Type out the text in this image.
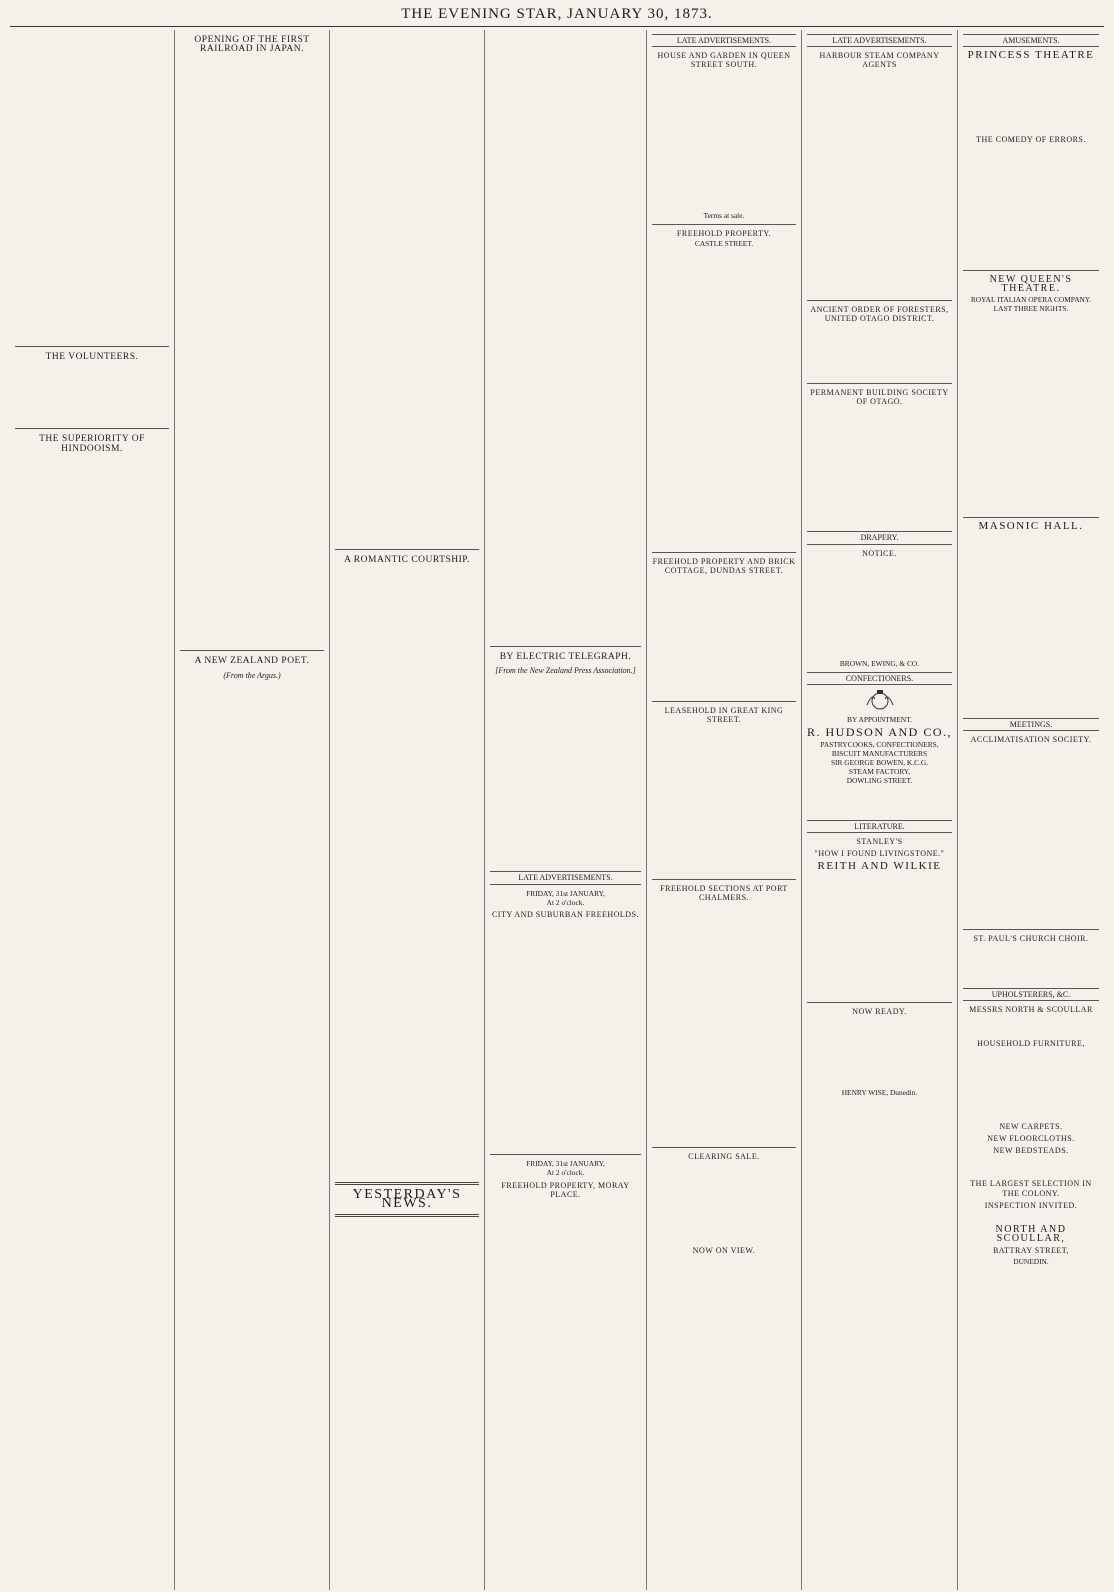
THE EVENING STAR, JANUARY 30, 1873.

THE VOLUNTEERS.
THE SUPERIORITY OF HINDOOISM.
OPENING OF THE FIRST RAILROAD IN JAPAN.
A NEW ZEALAND POET.
(From the Argus.)
A ROMANTIC COURTSHIP.
YESTERDAY'S NEWS.
BY ELECTRIC TELEGRAPH.
[From the New Zealand Press Association.]
LATE ADVERTISEMENTS.
FRIDAY, 31st JANUARY,
At 2 o'clock.
CITY AND SUBURBAN FREEHOLDS.
FRIDAY, 31st JANUARY,
At 2 o'clock.
FREEHOLD PROPERTY, MORAY PLACE.
LATE ADVERTISEMENTS.
HOUSE AND GARDEN IN QUEEN STREET SOUTH.
Terms at sale.
FREEHOLD PROPERTY.
CASTLE STREET.
FREEHOLD PROPERTY AND BRICK COTTAGE, DUNDAS STREET.
LEASEHOLD IN GREAT KING STREET.
FREEHOLD SECTIONS AT PORT CHALMERS.
CLEARING SALE.
NOW ON VIEW.
LATE ADVERTISEMENTS.
HARBOUR STEAM COMPANY AGENTS
ANCIENT ORDER OF FORESTERS, UNITED OTAGO DISTRICT.
PERMANENT BUILDING SOCIETY OF OTAGO.
DRAPERY.
NOTICE.
BROWN, EWING, & CO.
CONFECTIONERS.
BY APPOINTMENT.
R. HUDSON AND CO.,
PASTRYCOOKS, CONFECTIONERS,
BISCUIT MANUFACTURERS
SIR GEORGE BOWEN, K.C.G.
STEAM FACTORY,
DOWLING STREET.
LITERATURE.
STANLEY'S
"HOW I FOUND LIVINGSTONE."
REITH AND WILKIE
NOW READY.
HENRY WISE, Dunedin.
AMUSEMENTS.
PRINCESS THEATRE
THE COMEDY OF ERRORS.
NEW QUEEN'S THEATRE.
ROYAL ITALIAN OPERA COMPANY.
LAST THREE NIGHTS.
MASONIC HALL.
MEETINGS.
ACCLIMATISATION SOCIETY.
ST. PAUL'S CHURCH CHOIR.
UPHOLSTERERS, &C.
MESSRS NORTH & SCOULLAR
HOUSEHOLD FURNITURE,
NEW CARPETS.
NEW FLOORCLOTHS.
NEW BEDSTEADS.
THE LARGEST SELECTION IN THE COLONY.
INSPECTION INVITED.
NORTH AND SCOULLAR,
BATTRAY STREET,
DUNEDIN.
